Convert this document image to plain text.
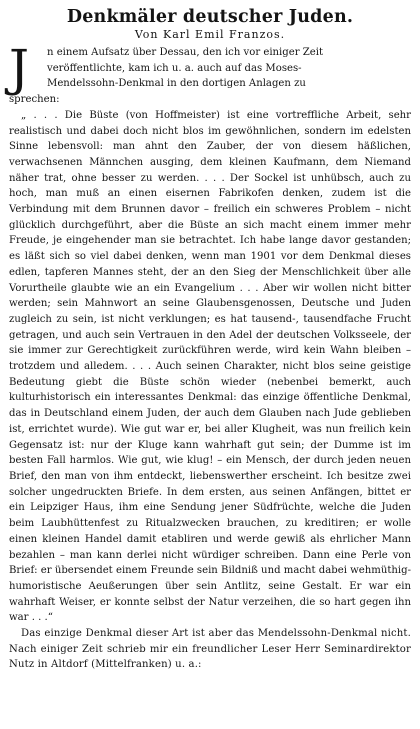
Denkmäler deutscher Juden.
Von Karl Emil Franzos.
J	n einem Aufsatz über Dessau, den ich vor einiger Zeit
veröffentlichte, kam ich u. a. auch auf das Moses-
Mendelssohn-Denkmal in den dortigen Anlagen zu
sprechen:

„ . . . Die Büste (von Hoffmeister) ist eine vortreffliche Arbeit, sehr realistisch und dabei doch nicht blos im gewöhnlichen, sondern im edelsten Sinne lebensvoll: man ahnt den Zauber, der von diesem häßlichen, verwachsenen Männchen ausging, dem kleinen Kaufmann, dem Niemand näher trat, ohne besser zu werden. . . . Der Sockel ist unhübsch, auch zu hoch, man muß an einen eisernen Fabrikofen denken, zudem ist die Verbindung mit dem Brunnen davor – freilich ein schweres Problem – nicht glücklich durchgeführt, aber die Büste an sich macht einem immer mehr Freude, je eingehender man sie betrachtet. Ich habe lange davor gestanden; es läßt sich so viel dabei denken, wenn man 1901 vor dem Denkmal dieses edlen, tapferen Mannes steht, der an den Sieg der Menschlichkeit über alle Vorurtheile glaubte wie an ein Evangelium . . . Aber wir wollen nicht bitter werden; sein Mahnwort an seine Glaubensgenossen, Deutsche und Juden zugleich zu sein, ist nicht verklungen; es hat tausend-, tausendfache Frucht getragen, und auch sein Vertrauen in den Adel der deutschen Volksseele, der sie immer zur Gerechtigkeit zurückführen werde, wird kein Wahn bleiben – trotzdem und alledem. . . . Auch seinen Charakter, nicht blos seine geistige Bedeutung giebt die Büste schön wieder (nebenbei bemerkt, auch kulturhistorisch ein interessantes Denkmal: das einzige öffentliche Denkmal, das in Deutschland einem Juden, der auch dem Glauben nach Jude geblieben ist, errichtet wurde). Wie gut war er, bei aller Klugheit, was nun freilich kein Gegensatz ist: nur der Kluge kann wahrhaft gut sein; der Dumme ist im besten Fall harmlos. Wie gut, wie klug! – ein Mensch, der durch jeden neuen Brief, den man von ihm entdeckt, liebenswerther erscheint. Ich besitze zwei solcher ungedruckten Briefe. In dem ersten, aus seinen Anfängen, bittet er ein Leipziger Haus, ihm eine Sendung jener Südfrüchte, welche die Juden beim Laubhüttenfest zu Ritualzwecken brauchen, zu kreditiren; er wolle einen kleinen Handel damit etabliren und werde gewiß als ehrlicher Mann bezahlen – man kann derlei nicht würdiger schreiben. Dann eine Perle von Brief: er übersendet einem Freunde sein Bildniß und macht dabei wehmüthig-humoristische Aeußerungen über sein Antlitz, seine Gestalt. Er war ein wahrhaft Weiser, er konnte selbst der Natur verzeihen, die so hart gegen ihn war . . .“

Das einzige Denkmal dieser Art ist aber das Mendelssohn-Denkmal nicht. Nach einiger Zeit schrieb mir ein freundlicher Leser Herr Seminardirektor Nutz in Altdorf (Mittelfranken) u. a.:
